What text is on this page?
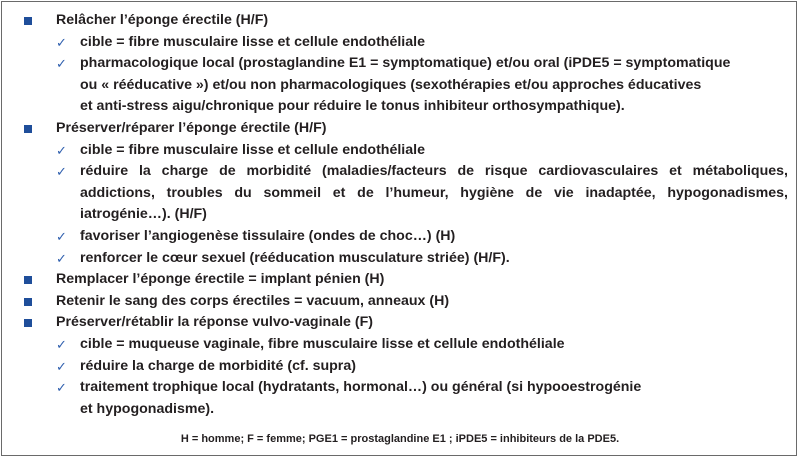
Relâcher l’éponge érectile (H/F)
✓ cible = fibre musculaire lisse et cellule endothéliale
✓ pharmacologique local (prostaglandine E1 = symptomatique) et/ou oral (iPDE5 = symptomatique
ou « rééducative ») et/ou non pharmacologiques (sexothérapies et/ou approches éducatives
et anti-stress aigu/chronique pour réduire le tonus inhibiteur orthosympathique).
Préserver/réparer l’éponge érectile (H/F)
✓ cible = fibre musculaire lisse et cellule endothéliale
✓ réduire la charge de morbidité (maladies/facteurs de risque cardiovasculaires et métaboliques,
addictions, troubles du sommeil et de l’humeur, hygiène de vie inadaptée, hypogonadismes,
iatrogénie…). (H/F)
✓ favoriser l’angiogenèse tissulaire (ondes de choc…) (H)
✓ renforcer le cœur sexuel (rééducation musculature striée) (H/F).
Remplacer l’éponge érectile = implant pénien (H)
Retenir le sang des corps érectiles = vacuum, anneaux (H)
Préserver/rétablir la réponse vulvo-vaginale (F)
✓ cible = muqueuse vaginale, fibre musculaire lisse et cellule endothéliale
✓ réduire la charge de morbidité (cf. supra)
✓ traitement trophique local (hydratants, hormonal…) ou général (si hypooestrogénie
et hypogonadisme).
H = homme; F = femme; PGE1 = prostaglandine E1 ; iPDE5 = inhibiteurs de la PDE5.
